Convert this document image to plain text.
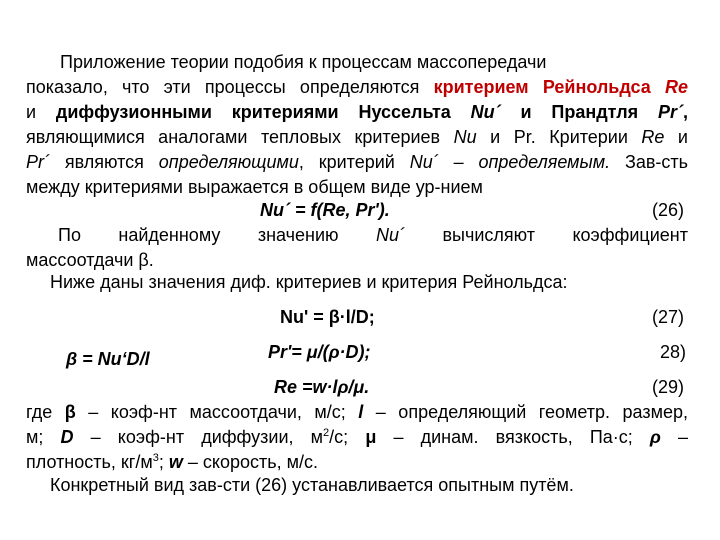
Приложение теории подобия к процессам массопередачи
показало, что эти процессы определяются критерием Рейнольдса Re
и диффузионными критериями Нуссельта Nu´ и Прандтля Pr´,
являющимися аналогами тепловых критериев Nu и Pr. Критерии Re и
Pr´ являются определяющими, критерий Nu´ – определяемым. Зав-сть
между критериями выражается в общем виде ур-нием
Nu´ = f(Re, Pr').	(26)
По найденному значению Nu´ вычисляют коэффициент
массоотдачи β.
Ниже даны значения диф. критериев и критерия Рейнольдса:
Nu' = β·l/D;	(27)
β = Nu‘D/l	Pr'= μ/(ρ·D);	28)
Re =w·lρ/μ.	(29)
где β – коэф-нт массоотдачи, м/с; l – определяющий геометр. размер,
м; D – коэф-нт диффузии, $м^2/с$; μ – динам. вязкость, Па·с; ρ –
плотность, $кг/м^3$; w – скорость, м/с.
Конкретный вид зав-сти (26) устанавливается опытным путём.
